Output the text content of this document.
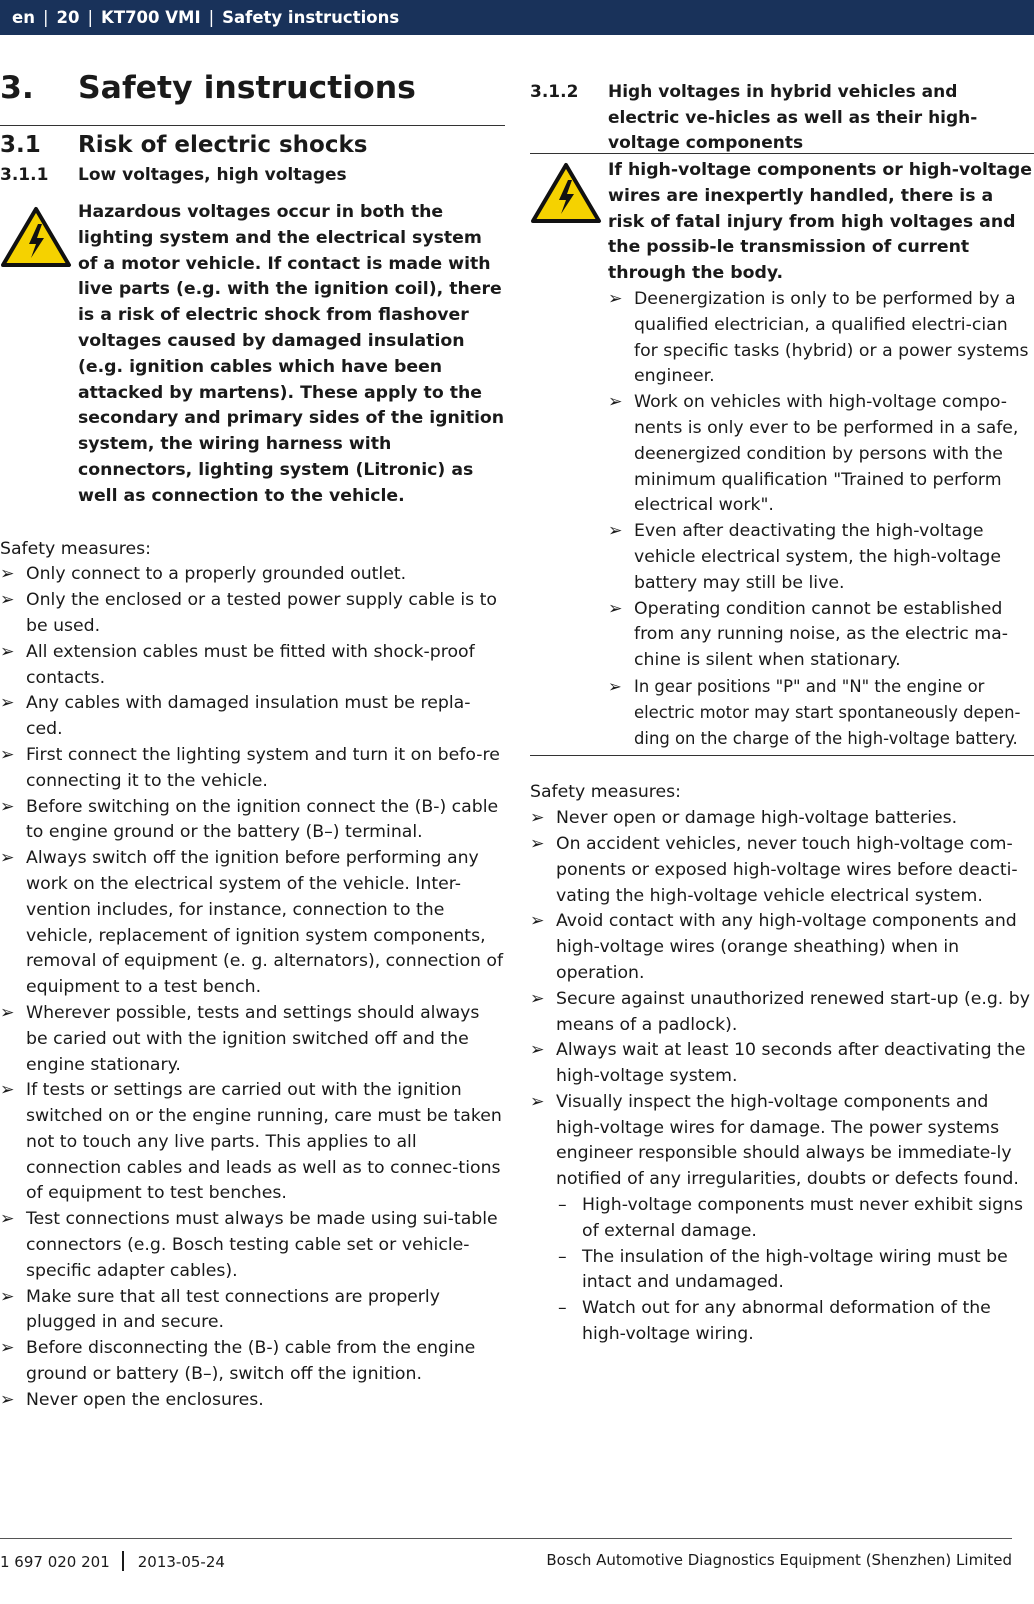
en | 20 | KT700 VMI | Safety instructions
3.	Safety instructions
3.1	Risk of electric shocks
3.1.1	Low voltages, high voltages
Hazardous voltages occur in both the lighting system and the electrical system of a motor vehicle. If contact is made with live parts (e.g. with the ignition coil), there is a risk of electric shock from flashover voltages caused by damaged insulation (e.g. ignition cables which have been attacked by martens). These apply to the secondary and primary sides of the ignition system, the wiring harness with connectors, lighting system (Litronic) as well as connection to the vehicle.
Safety measures:
➢ Only connect to a properly grounded outlet.
➢ Only the enclosed or a tested power supply cable is to be used.
➢ All extension cables must be fitted with shock-proof contacts.
➢ Any cables with damaged insulation must be repla-ced.
➢ First connect the lighting system and turn it on befo-re connecting it to the vehicle.
➢ Before switching on the ignition connect the (B-) cable to engine ground or the battery (B–) terminal.
➢ Always switch off the ignition before performing any work on the electrical system of the vehicle. Inter-vention includes, for instance, connection to the vehicle, replacement of ignition system components, removal of equipment (e. g. alternators), connection of equipment to a test bench.
➢ Wherever possible, tests and settings should always be caried out with the ignition switched off and the engine stationary.
➢ If tests or settings are carried out with the ignition switched on or the engine running, care must be taken not to touch any live parts. This applies to all connection cables and leads as well as to connec-tions of equipment to test benches.
➢ Test connections must always be made using sui-table connectors (e.g. Bosch testing cable set or vehicle-specific adapter cables).
➢ Make sure that all test connections are properly plugged in and secure.
➢ Before disconnecting the (B-) cable from the engine ground or battery (B–), switch off the ignition.
➢ Never open the enclosures.
3.1.2	High voltages in hybrid vehicles and electric ve-hicles as well as their high-voltage components
If high-voltage components or high-voltage wires are inexpertly handled, there is a risk of fatal injury from high voltages and the possib-le transmission of current through the body.
➢ Deenergization is only to be performed by a qualified electrician, a qualified electri-cian for specific tasks (hybrid) or a power systems engineer.
➢ Work on vehicles with high-voltage compo-nents is only ever to be performed in a safe, deenergized condition by persons with the minimum qualification "Trained to perform electrical work".
➢ Even after deactivating the high-voltage vehicle electrical system, the high-voltage battery may still be live.
➢ Operating condition cannot be established from any running noise, as the electric ma-chine is silent when stationary.
➢ In gear positions "P" and "N" the engine or electric motor may start spontaneously depen-ding on the charge of the high-voltage battery.
Safety measures:
➢ Never open or damage high-voltage batteries.
➢ On accident vehicles, never touch high-voltage com-ponents or exposed high-voltage wires before deacti-vating the high-voltage vehicle electrical system.
➢ Avoid contact with any high-voltage components and high-voltage wires (orange sheathing) when in operation.
➢ Secure against unauthorized renewed start-up (e.g. by means of a padlock).
➢ Always wait at least 10 seconds after deactivating the high-voltage system.
➢ Visually inspect the high-voltage components and high-voltage wires for damage. The power systems engineer responsible should always be immediate-ly notified of any irregularities, doubts or defects found.
– High-voltage components must never exhibit signs of external damage.
– The insulation of the high-voltage wiring must be intact and undamaged.
– Watch out for any abnormal deformation of the high-voltage wiring.
1 697 020 201 2013-05-24	Bosch Automotive Diagnostics Equipment (Shenzhen) Limited
